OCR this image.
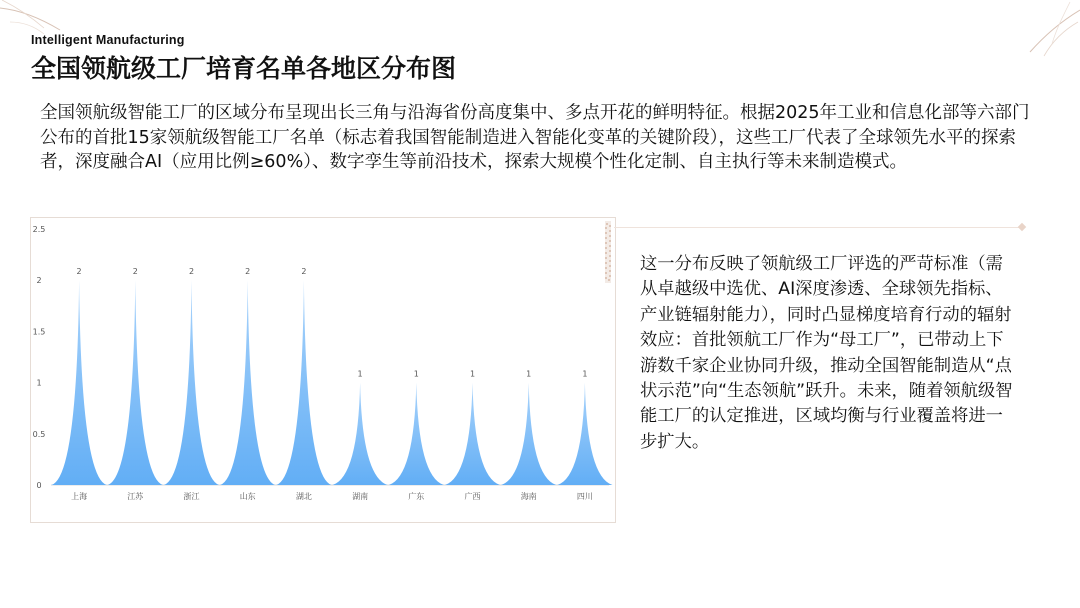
Intelligent Manufacturing
全国领航级工厂培育名单各地区分布图
全国领航级智能工厂的区域分布呈现出长三角与沿海省份高度集中、多点开花的鲜明特征。根据2025年工业和信息化部等六部门公布的首批15家领航级智能工厂名单（标志着我国智能制造进入智能化变革的关键阶段），这些工厂代表了全球领先水平的探索者，深度融合AI（应用比例≥60%）、数字孪生等前沿技术，探索大规模个性化定制、自主执行等未来制造模式。
0
0.5
1
1.5
2
2.5
2	2	2	2	2
1	1	1	1	1
上海	江苏	浙江	山东	湖北	湖南	广东	广西	海南	四川
这一分布反映了领航级工厂评选的严苛标准（需从卓越级中选优、AI深度渗透、全球领先指标、产业链辐射能力），同时凸显梯度培育行动的辐射效应：首批领航工厂作为“母工厂”，已带动上下游数千家企业协同升级，推动全国智能制造从“点状示范”向“生态领航”跃升。未来，随着领航级智能工厂的认定推进，区域均衡与行业覆盖将进一步扩大。
